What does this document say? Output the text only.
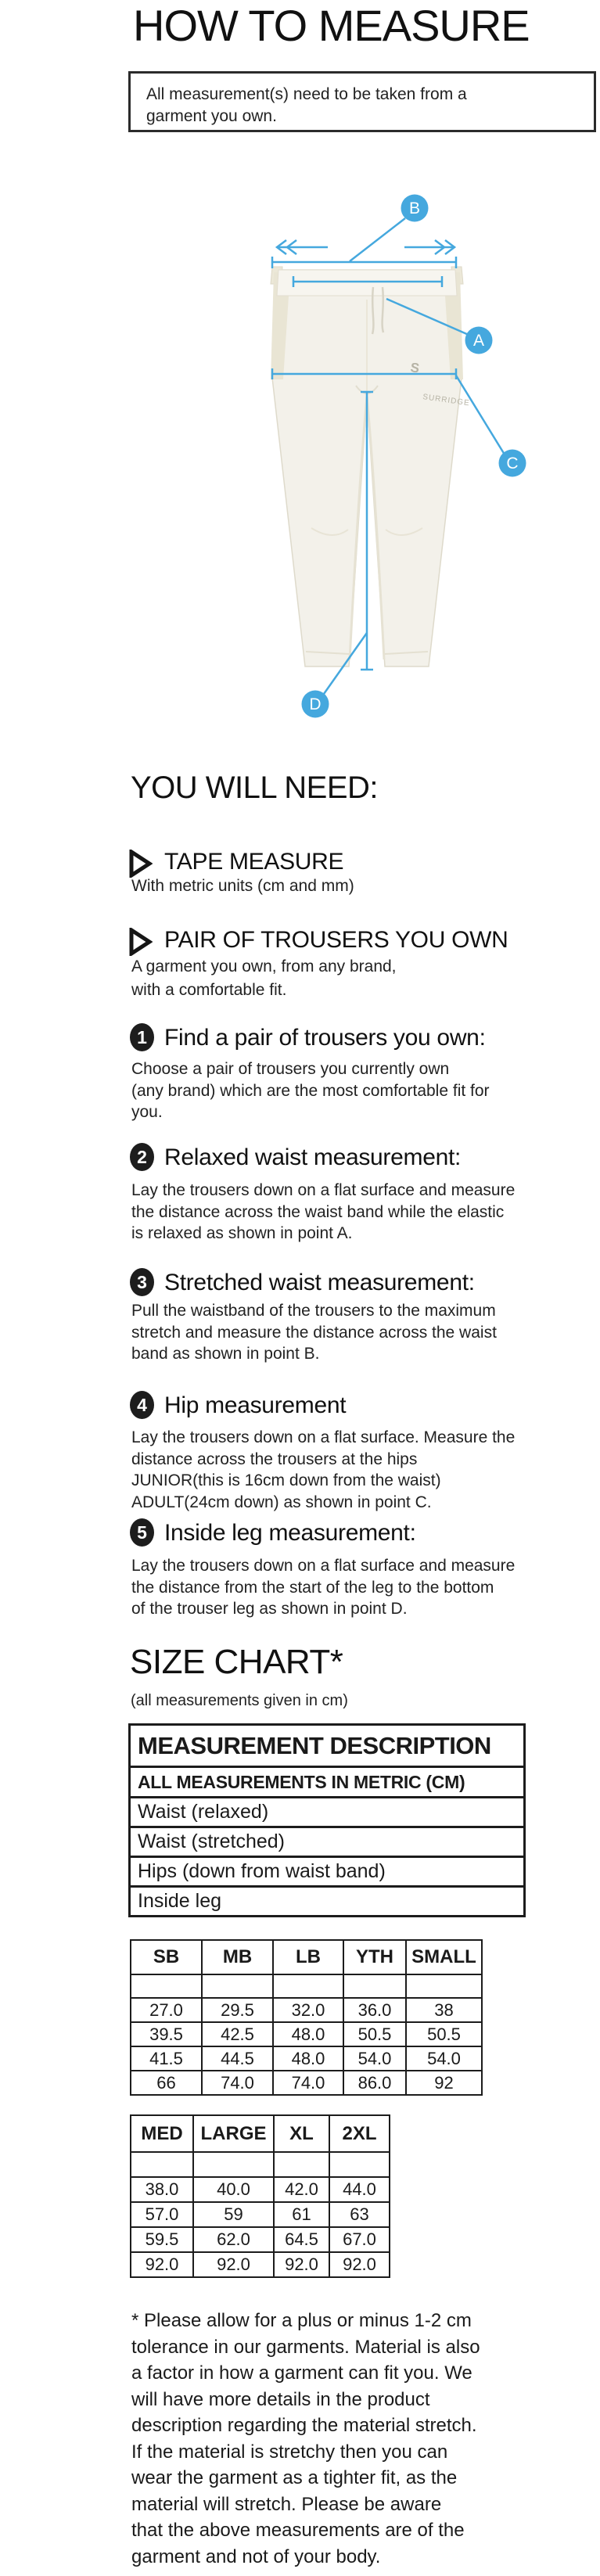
HOW TO MEASURE
All measurement(s) need to be taken from a
garment you own.
S
SURRIDGE
B
A
C
D
YOU WILL NEED:
TAPE MEASURE
With metric units (cm and mm)
PAIR OF TROUSERS YOU OWN
A garment you own, from any brand,
with a comfortable fit.
1 Find a pair of trousers you own:
Choose a pair of trousers you currently own
(any brand) which are the most comfortable fit for
you.
2 Relaxed waist measurement:
Lay the trousers down on a flat surface and measure
the distance across the waist band while the elastic
is relaxed as shown in point A.
3 Stretched waist measurement:
Pull the waistband of the trousers to the maximum
stretch and measure the distance across the waist
band as shown in point B.
4 Hip measurement
Lay the trousers down on a flat surface. Measure the
distance across the trousers at the hips
JUNIOR(this is 16cm down from the waist)
ADULT(24cm down) as shown in point C.
5 Inside leg measurement:
Lay the trousers down on a flat surface and measure
the distance from the start of the leg to the bottom
of the trouser leg as shown in point D.
SIZE CHART*
(all measurements given in cm)
MEASUREMENT DESCRIPTION
ALL MEASUREMENTS IN METRIC (CM)
Waist (relaxed)
Waist (stretched)
Hips (down from waist band)
Inside leg
SB	MB	LB	YTH	SMALL

27.0	29.5	32.0	36.0	38
39.5	42.5	48.0	50.5	50.5
41.5	44.5	48.0	54.0	54.0
66	74.0	74.0	86.0	92
MED	LARGE	XL	2XL

38.0	40.0	42.0	44.0
57.0	59	61	63
59.5	62.0	64.5	67.0
92.0	92.0	92.0	92.0
* Please allow for a plus or minus 1-2 cm
tolerance in our garments. Material is also
a factor in how a garment can fit you. We
will have more details in the product
description regarding the material stretch.
If the material is stretchy then you can
wear the garment as a tighter fit, as the
material will stretch. Please be aware
that the above measurements are of the
garment and not of your body.
